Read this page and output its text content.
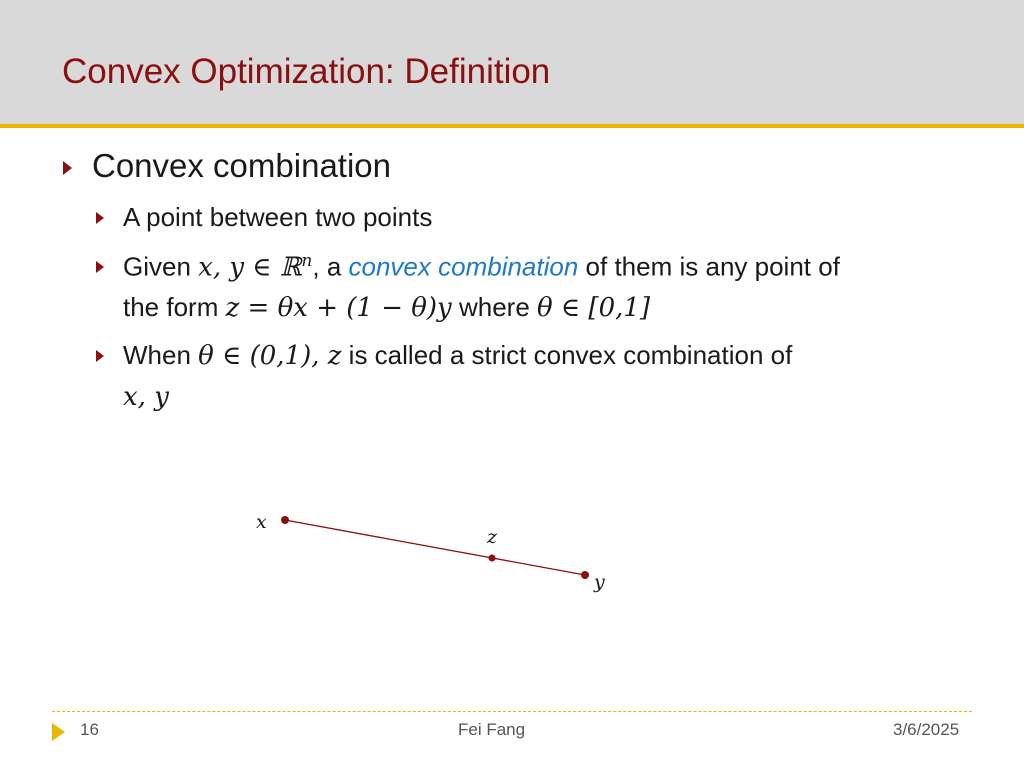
Convex Optimization: Definition
Convex combination
A point between two points
Given x, y ∈ ℝ$^n$, a convex combination of them is any point of
the form z = θx + (1 − θ)y where θ ∈ [0,1]
When θ ∈ (0,1), z is called a strict convex combination of
x, y
x
z
y
16	Fei Fang	3/6/2025
